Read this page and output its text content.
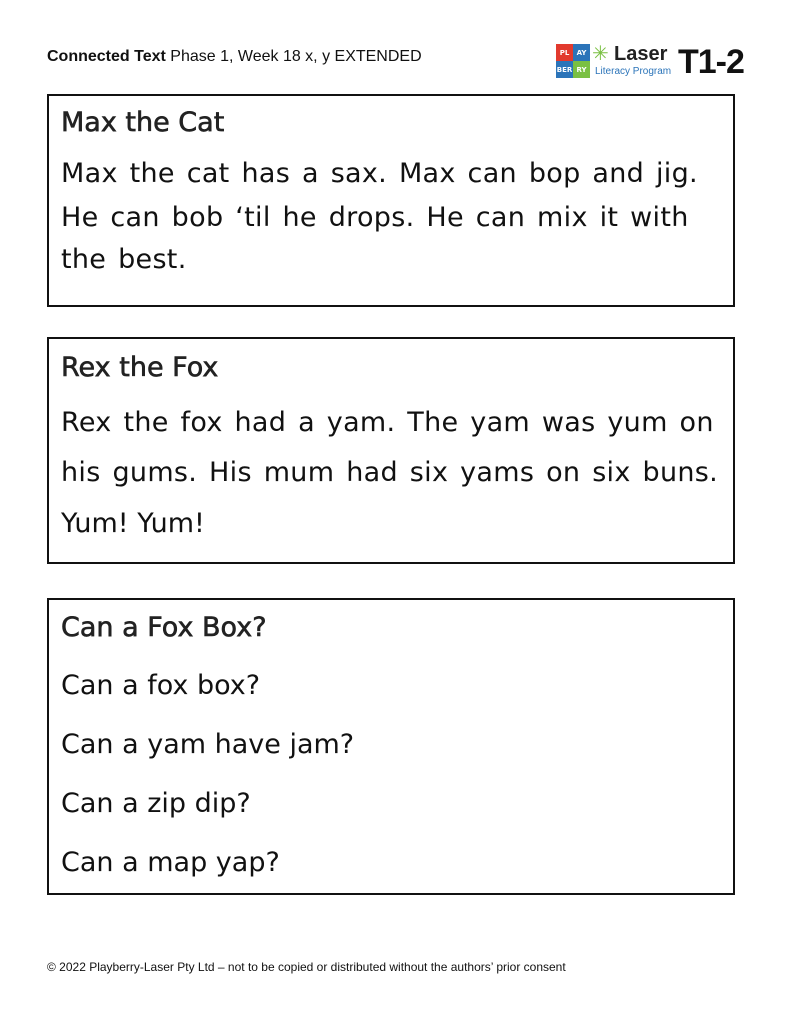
Connected Text Phase 1, Week 18 x, y EXTENDED	PL	AY
BER RY
✳ Laser
Literacy Program T1-2

Max the Cat

Max the cat has a sax. Max can bop and jig.

He can bob ‘til he drops. He can mix it with the best.

Rex the Fox

Rex the fox had a yam. The yam was yum on his gums. His mum had six yams on six buns.

Yum! Yum!

Can a Fox Box?

Can a fox box?

Can a yam have jam?

Can a zip dip?

Can a map yap?

© 2022 Playberry-Laser Pty Ltd – not to be copied or distributed without the authors’ prior consent
